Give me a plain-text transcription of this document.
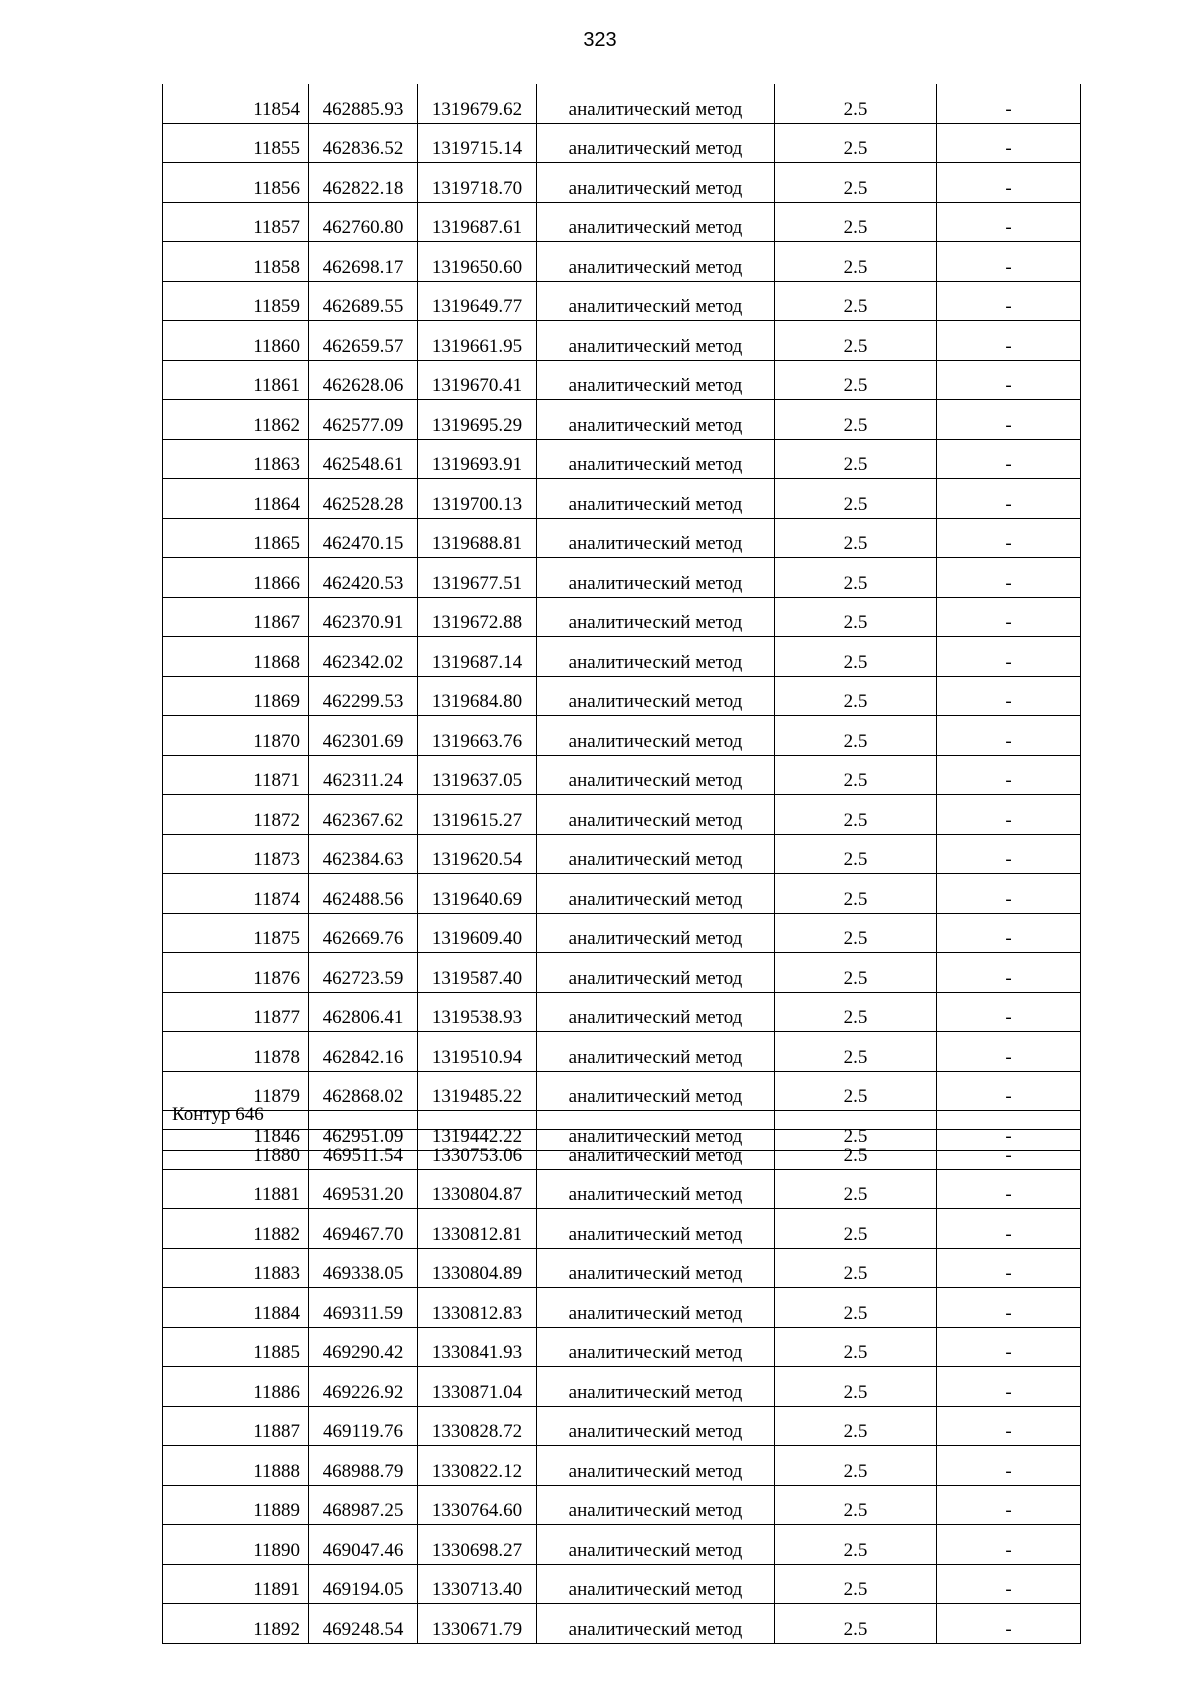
323
11854	462885.93	1319679.62	аналитический метод	2.5	-
11855	462836.52	1319715.14	аналитический метод	2.5	-
11856	462822.18	1319718.70	аналитический метод	2.5	-
11857	462760.80	1319687.61	аналитический метод	2.5	-
11858	462698.17	1319650.60	аналитический метод	2.5	-
11859	462689.55	1319649.77	аналитический метод	2.5	-
11860	462659.57	1319661.95	аналитический метод	2.5	-
11861	462628.06	1319670.41	аналитический метод	2.5	-
11862	462577.09	1319695.29	аналитический метод	2.5	-
11863	462548.61	1319693.91	аналитический метод	2.5	-
11864	462528.28	1319700.13	аналитический метод	2.5	-
11865	462470.15	1319688.81	аналитический метод	2.5	-
11866	462420.53	1319677.51	аналитический метод	2.5	-
11867	462370.91	1319672.88	аналитический метод	2.5	-
11868	462342.02	1319687.14	аналитический метод	2.5	-
11869	462299.53	1319684.80	аналитический метод	2.5	-
11870	462301.69	1319663.76	аналитический метод	2.5	-
11871	462311.24	1319637.05	аналитический метод	2.5	-
11872	462367.62	1319615.27	аналитический метод	2.5	-
11873	462384.63	1319620.54	аналитический метод	2.5	-
11874	462488.56	1319640.69	аналитический метод	2.5	-
11875	462669.76	1319609.40	аналитический метод	2.5	-
11876	462723.59	1319587.40	аналитический метод	2.5	-
11877	462806.41	1319538.93	аналитический метод	2.5	-
11878	462842.16	1319510.94	аналитический метод	2.5	-
11879	462868.02	1319485.22	аналитический метод	2.5	-
11846	462951.09	1319442.22	аналитический метод	2.5	-
Контур 646
11880	469511.54	1330753.06	аналитический метод	2.5	-
11881	469531.20	1330804.87	аналитический метод	2.5	-
11882	469467.70	1330812.81	аналитический метод	2.5	-
11883	469338.05	1330804.89	аналитический метод	2.5	-
11884	469311.59	1330812.83	аналитический метод	2.5	-
11885	469290.42	1330841.93	аналитический метод	2.5	-
11886	469226.92	1330871.04	аналитический метод	2.5	-
11887	469119.76	1330828.72	аналитический метод	2.5	-
11888	468988.79	1330822.12	аналитический метод	2.5	-
11889	468987.25	1330764.60	аналитический метод	2.5	-
11890	469047.46	1330698.27	аналитический метод	2.5	-
11891	469194.05	1330713.40	аналитический метод	2.5	-
11892	469248.54	1330671.79	аналитический метод	2.5	-
